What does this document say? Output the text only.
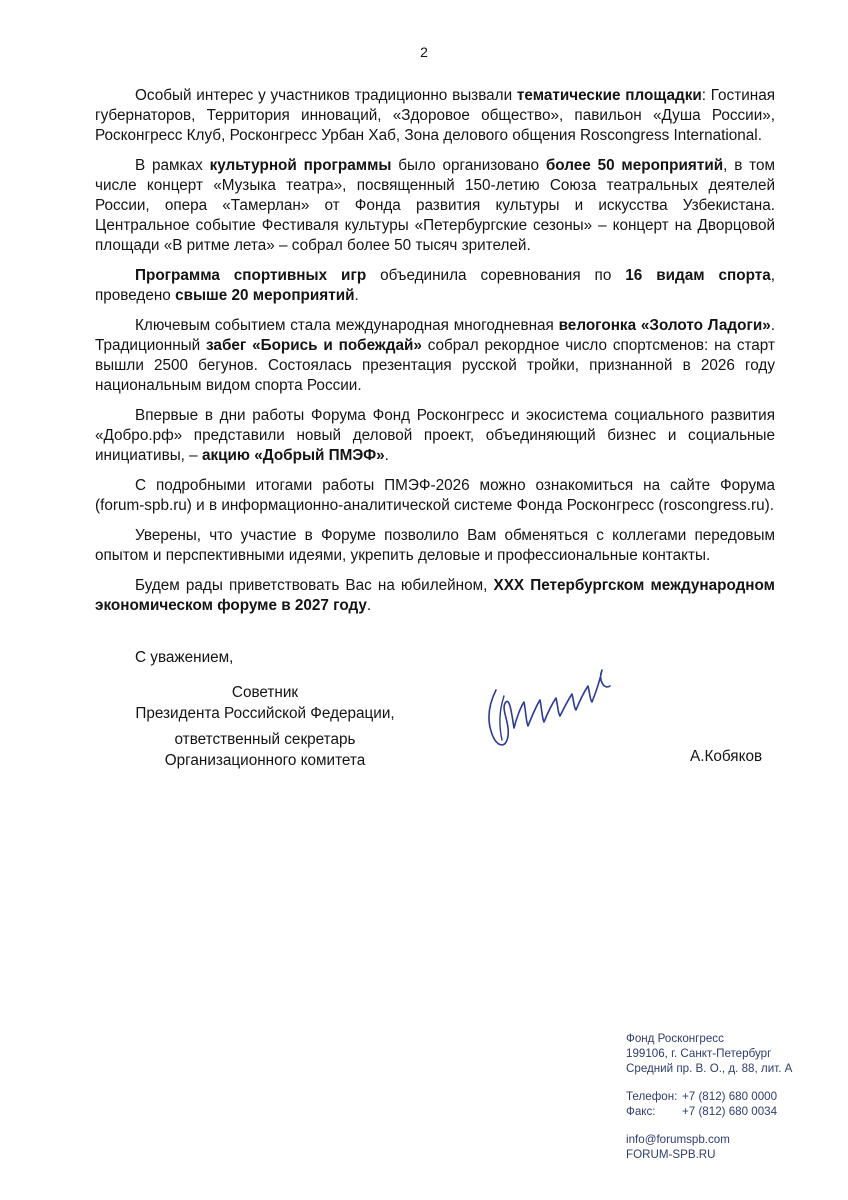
2

Особый интерес у участников традиционно вызвали тематические площадки: Гостиная губернаторов, Территория инноваций, «Здоровое общество», павильон «Душа России», Росконгресс Клуб, Росконгресс Урбан Хаб, Зона делового общения Roscongress International.

В рамках культурной программы было организовано более 50 мероприятий, в том числе концерт «Музыка театра», посвященный 150-летию Союза театральных деятелей России, опера «Тамерлан» от Фонда развития культуры и искусства Узбекистана. Центральное событие Фестиваля культуры «Петербургские сезоны» – концерт на Дворцовой площади «В ритме лета» – собрал более 50 тысяч зрителей.

Программа спортивных игр объединила соревнования по 16 видам спорта, проведено свыше 20 мероприятий.

Ключевым событием стала международная многодневная велогонка «Золото Ладоги». Традиционный забег «Борись и побеждай» собрал рекордное число спортсменов: на старт вышли 2500 бегунов. Состоялась презентация русской тройки, признанной в 2026 году национальным видом спорта России.

Впервые в дни работы Форума Фонд Росконгресс и экосистема социального развития «Добро.рф» представили новый деловой проект, объединяющий бизнес и социальные инициативы, – акцию «Добрый ПМЭФ».

С подробными итогами работы ПМЭФ-2026 можно ознакомиться на сайте Форума (forum-spb.ru) и в информационно-аналитической системе Фонда Росконгресс (roscongress.ru).

Уверены, что участие в Форуме позволило Вам обменяться с коллегами передовым опытом и перспективными идеями, укрепить деловые и профессиональные контакты.

Будем рады приветствовать Вас на юбилейном, XXX Петербургском международном экономическом форуме в 2027 году.

С уважением,
Советник
Президента Российской Федерации,
ответственный секретарь
Организационного комитета	А.Кобяков
Фонд Росконгресс
199106, г. Санкт-Петербург
Средний пр. В. О., д. 88, лит. А
Телефон: +7 (812) 680 0000
Факс: +7 (812) 680 0034
info@forumspb.com
FORUM-SPB.RU
